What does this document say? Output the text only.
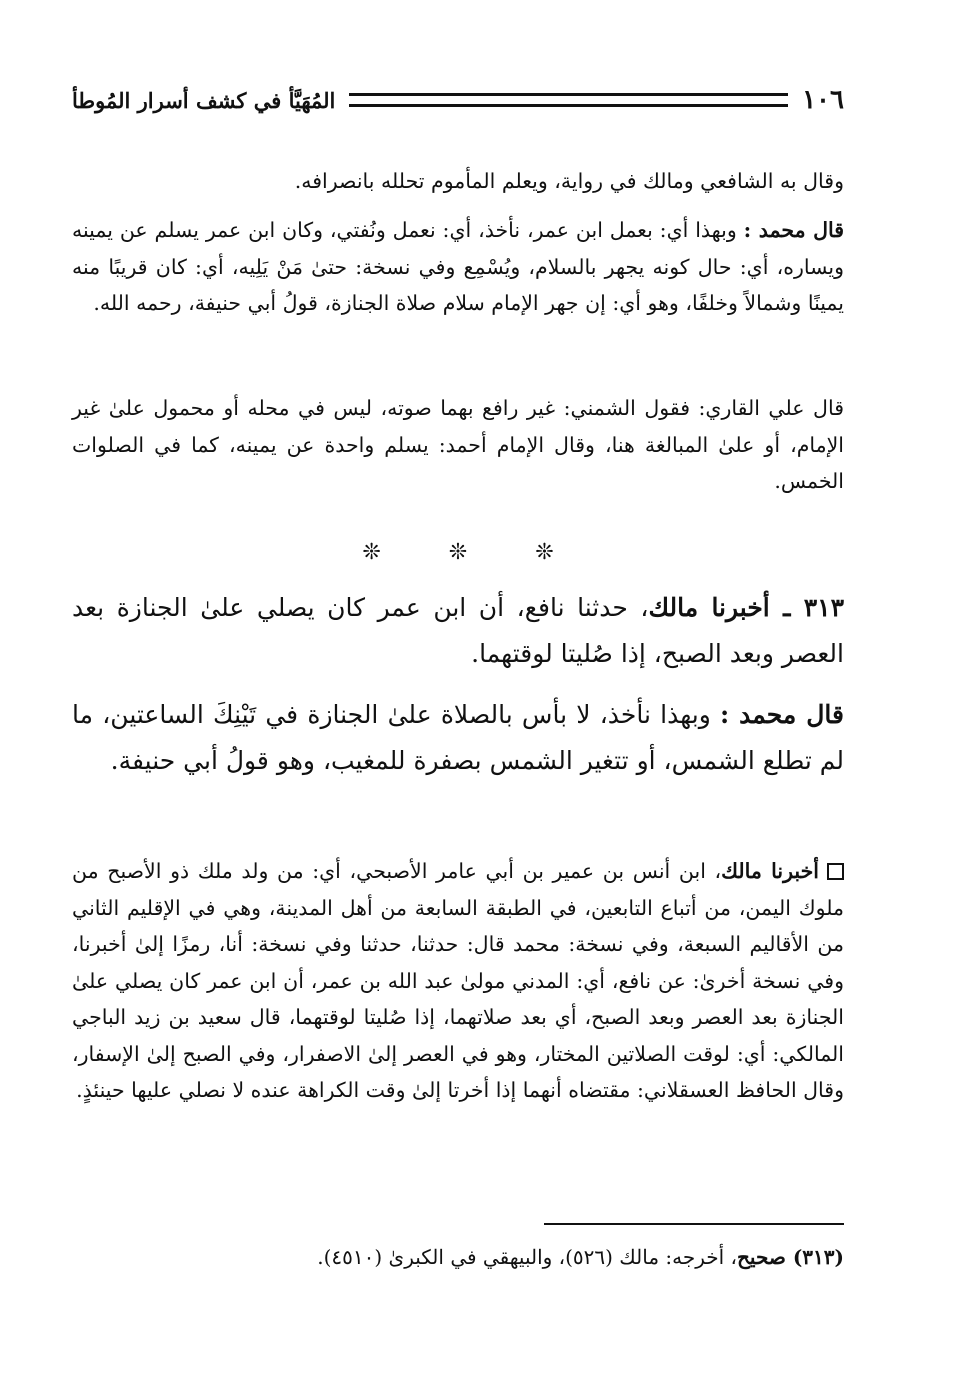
١٠٦
المُهَيَّأ في كشف أسرار المُوطأ

وقال به الشافعي ومالك في رواية، ويعلم المأموم تحلله بانصرافه.

قال محمد : وبهذا أي: بعمل ابن عمر، نأخذ، أي: نعمل ونُفتي، وكان ابن عمر يسلم عن يمينه ويساره، أي: حال كونه يجهر بالسلام، ويُسْمِع وفي نسخة: حتىٰ مَنْ يَلِيه، أي: كان قريبًا منه يمينًا وشمالاً وخلفًا، وهو أي: إن جهر الإمام سلام صلاة الجنازة، قولُ أبي حنيفة، رحمه الله.

قال علي القاري: فقول الشمني: غير رافع بهما صوته، ليس في محله أو محمول علىٰ غير الإمام، أو علىٰ المبالغة هنا، وقال الإمام أحمد: يسلم واحدة عن يمينه، كما في الصلوات الخمس.

❊❊❊

٣١٣ ـ أخبرنا مالك، حدثنا نافع، أن ابن عمر كان يصلي علىٰ الجنازة بعد العصر وبعد الصبح، إذا صُليتا لوقتهما.

قال محمد : وبهذا نأخذ، لا بأس بالصلاة علىٰ الجنازة في تَيْنِكَ الساعتين، ما لم تطلع الشمس، أو تتغير الشمس بصفرة للمغيب، وهو قولُ أبي حنيفة.

أخبرنا مالك، ابن أنس بن عمير بن أبي عامر الأصبحي، أي: من ولد ملك ذو الأصبح من ملوك اليمن، من أتباع التابعين، في الطبقة السابعة من أهل المدينة، وهي في الإقليم الثاني من الأقاليم السبعة، وفي نسخة: محمد قال: حدثنا، حدثنا وفي نسخة: أنا، رمزًا إلىٰ أخبرنا، وفي نسخة أخرىٰ: عن نافع، أي: المدني مولىٰ عبد الله بن عمر، أن ابن عمر كان يصلي علىٰ الجنازة بعد العصر وبعد الصبح، أي بعد صلاتهما، إذا صُليتا لوقتهما، قال سعيد بن زيد الباجي المالكي: أي: لوقت الصلاتين المختار، وهو في العصر إلىٰ الاصفرار، وفي الصبح إلىٰ الإسفار، وقال الحافظ العسقلاني: مقتضاه أنهما إذا أخرتا إلىٰ وقت الكراهة عنده لا نصلي عليها حينئذٍ.

(٣١٣) صحيح، أخرجه: مالك (٥٢٦)، والبيهقي في الكبرىٰ (٤٥١٠).
